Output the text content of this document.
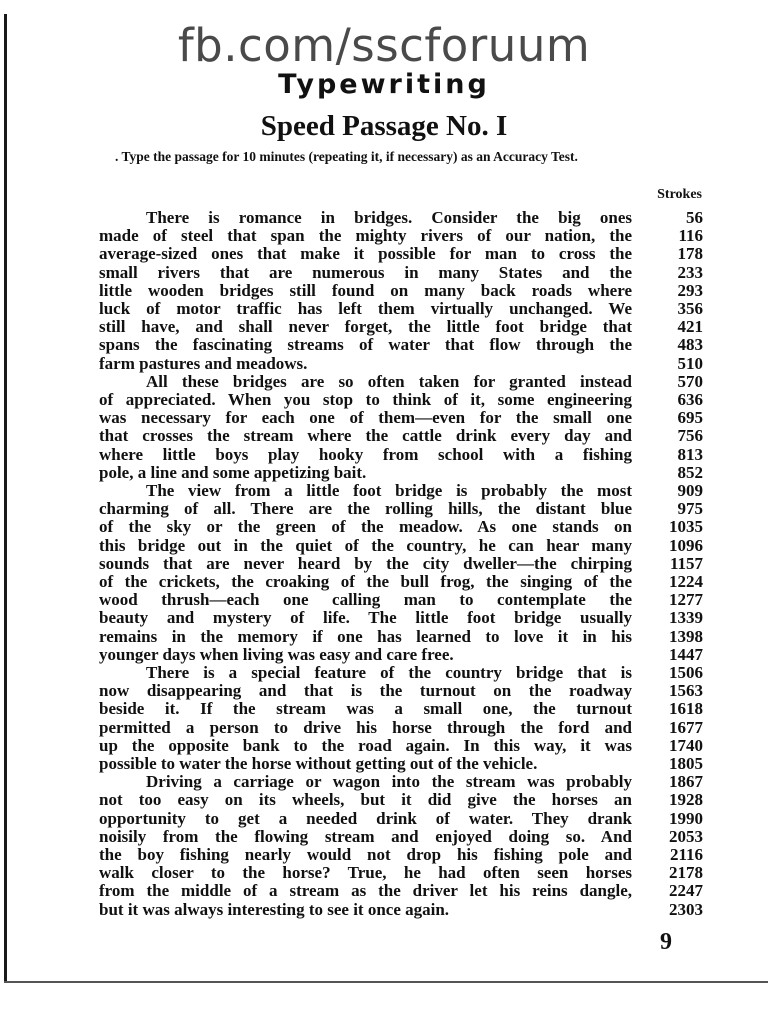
fb.com/sscforuum
Typewriting
Speed Passage No. I
. Type the passage for 10 minutes (repeating it, if necessary) as an Accuracy Test.
Strokes
There is romance in bridges. Consider the big ones	56
made of steel that span the mighty rivers of our nation, the	116
average-sized ones that make it possible for man to cross the	178
small rivers that are numerous in many States and the	233
little wooden bridges still found on many back roads where	293
luck of motor traffic has left them virtually unchanged. We	356
still have, and shall never forget, the little foot bridge that	421
spans the fascinating streams of water that flow through the	483
farm pastures and meadows.	510
All these bridges are so often taken for granted instead	570
of appreciated. When you stop to think of it, some engineering	636
was necessary for each one of them—even for the small one	695
that crosses the stream where the cattle drink every day and	756
where little boys play hooky from school with a fishing	813
pole, a line and some appetizing bait.	852
The view from a little foot bridge is probably the most	909
charming of all. There are the rolling hills, the distant blue	975
of the sky or the green of the meadow. As one stands on	1035
this bridge out in the quiet of the country, he can hear many	1096
sounds that are never heard by the city dweller—the chirping	1157
of the crickets, the croaking of the bull frog, the singing of the	1224
wood thrush—each one calling man to contemplate the	1277
beauty and mystery of life. The little foot bridge usually	1339
remains in the memory if one has learned to love it in his	1398
younger days when living was easy and care free.	1447
There is a special feature of the country bridge that is	1506
now disappearing and that is the turnout on the roadway	1563
beside it. If the stream was a small one, the turnout	1618
permitted a person to drive his horse through the ford and	1677
up the opposite bank to the road again. In this way, it was	1740
possible to water the horse without getting out of the vehicle.	1805
Driving a carriage or wagon into the stream was probably	1867
not too easy on its wheels, but it did give the horses an	1928
opportunity to get a needed drink of water. They drank	1990
noisily from the flowing stream and enjoyed doing so. And	2053
the boy fishing nearly would not drop his fishing pole and	2116
walk closer to the horse? True, he had often seen horses	2178
from the middle of a stream as the driver let his reins dangle,	2247
but it was always interesting to see it once again.	2303
9
